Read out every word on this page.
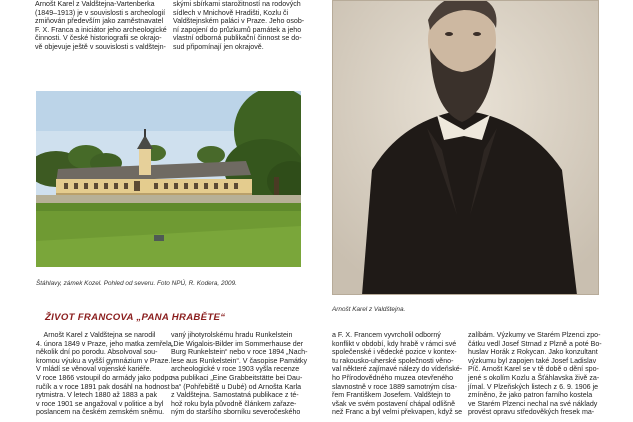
Arnošt Karel z Valdštejna-Vartenberka
(1849–1913) je v souvislosti s archeologií
zmiňován především jako zaměstnavatel
F. X. Franca a iniciátor jeho archeologické
činnosti. V české historiografii se okrajo-
vě objevuje ještě v souvislosti s valdštejn-
skými sbírkami starožitností na rodových
sídlech v Mnichově Hradišti, Kozlu či
Valdštejnském paláci v Praze. Jeho osob-
ní zapojení do průzkumů památek a jeho
vlastní odborná publikační činnost se do-
sud připomínají jen okrajově.
Štáhlavy, zámek Kozel. Pohled od severu. Foto NPÚ, R. Kodera, 2009.
ŽIVOT FRANCOVA „PANA HRABĚTE“
Arnošt Karel z Valdštejna se narodil
4. února 1849 v Praze, jeho matka zemřela
několik dní po porodu. Absolvoval sou-
kromou výuku a vyšší gymnázium v Praze.
V mládí se věnoval vojenské kariéře.
V roce 1866 vstoupil do armády jako podpo-
ručík a v roce 1891 pak dosáhl na hodnost
rytmistra. V letech 1880 až 1883 a pak
v roce 1901 se angažoval v politice a byl
poslancem na českém zemském sněmu.
vaný jihotyrolskému hradu Runkelstein
„Die Wigalois-Bilder im Sommerhause der
Burg Runkelstein“ nebo v roce 1894 „Nach-
lese aus Runkelstein“. V časopise Památky
archeologické v roce 1903 vyšla recenze
na publikaci „Eine Grabbeitstätte bei Dau-
ba“ (Pohřebiště u Dubé) od Arnošta Karla
z Valdštejna. Samostatná publikace z té-
hož roku byla původně článkem zařaze-
ným do staršího sborníku severočeského
Arnošt Karel z Valdštejna.
a F. X. Francem vyvrcholil odborný
konflikt v období, kdy hrabě v rámci své
společenské i vědecké pozice v kontex-
tu rakousko-uherské společnosti věno-
val některé zajímavé nálezy do vídeňské-
ho Přírodovědného muzea otevřeného
slavnostně v roce 1889 samotným císa-
řem Františkem Josefem. Valdštejn to
však ve svém postavení chápal odlišně
než Franc a byl velmi překvapen, když se
zalíbám. Výzkumy ve Starém Plzenci zpo-
čátku vedl Josef Strnad z Plzně a poté Bo-
huslav Horák z Rokycan. Jako konzultant
výzkumu byl zapojen také Josef Ladislav
Píč. Arnošt Karel se v tě době o dění spo-
jené s okolím Kozlu a Šťáhlavska živě za-
jímal. V Plzeňských listech z 6. 9. 1906 je
zmíněno, že jako patron farního kostela
ve Starém Plzenci nechal na své náklady
provést opravu středověkých fresek ma-
